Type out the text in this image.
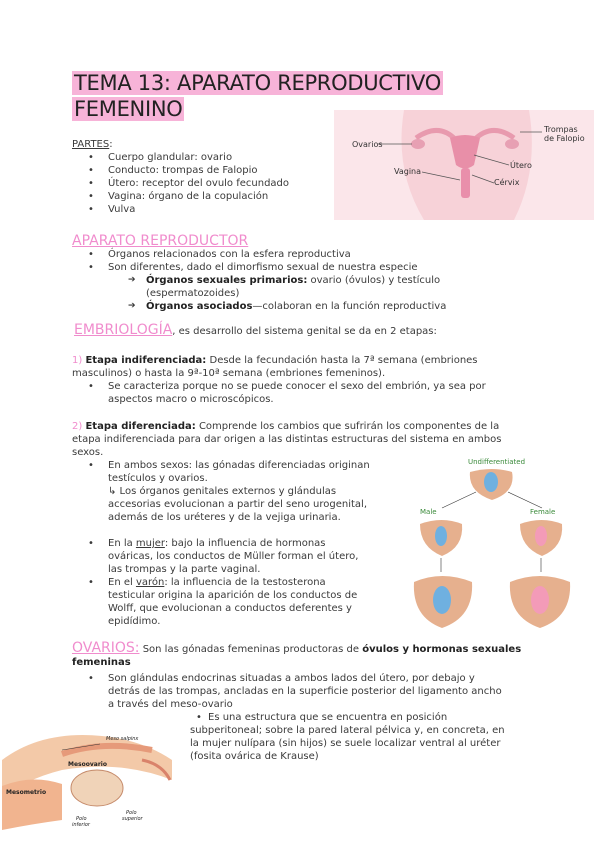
TEMA 13: APARATO REPRODUCTIVO
FEMENINO
PARTES:
• Cuerpo glandular: ovario
• Conducto: trompas de Falopio
• Útero: receptor del ovulo fecundado
• Vagina: órgano de la copulación
• Vulva
Ovarios
Trompas
de Falopio
Útero
Vagina
Cérvix
APARATO REPRODUCTOR
• Órganos relacionados con la esfera reproductiva
• Son diferentes, dado el dimorfismo sexual de nuestra especie
➔ Órganos sexuales primarios: ovario (óvulos) y testículo
(espermatozoides)
➔ Órganos asociados—colaboran en la función reproductiva
EMBRIOLOGÍA, es desarrollo del sistema genital se da en 2 etapas:
1) Etapa indiferenciada: Desde la fecundación hasta la 7ª semana (embriones
masculinos) o hasta la 9ª-10ª semana (embriones femeninos).
• Se caracteriza porque no se puede conocer el sexo del embrión, ya sea por
aspectos macro o microscópicos.
2) Etapa diferenciada: Comprende los cambios que sufrirán los componentes de la
etapa indiferenciada para dar origen a las distintas estructuras del sistema en ambos
sexos.
• En ambos sexos: las gónadas diferenciadas originan
testículos y ovarios.
↳ Los órganos genitales externos y glándulas
accesorias evolucionan a partir del seno urogenital,
además de los uréteres y de la vejiga urinaria.
• En la mujer: bajo la influencia de hormonas
ováricas, los conductos de Müller forman el útero,
las trompas y la parte vaginal.
• En el varón: la influencia de la testosterona
testicular origina la aparición de los conductos de
Wolff, que evolucionan a conductos deferentes y
epidídimo.
Undifferentiated
Male	Female
OVARIOS: Son las gónadas femeninas productoras de óvulos y hormonas sexuales
femeninas
• Son glándulas endocrinas situadas a ambos lados del útero, por debajo y
detrás de las trompas, ancladas en la superficie posterior del ligamento ancho
a través del meso-ovario
• Es una estructura que se encuentra en posición
subperitoneal; sobre la pared lateral pélvica y, en concreta, en
la mujer nulípara (sin hijos) se suele localizar ventral al uréter
(fosita ovárica de Krause)
Meso salpinx
Mesoovario
Mesometrio
Polo
inferior
Polo
superior
